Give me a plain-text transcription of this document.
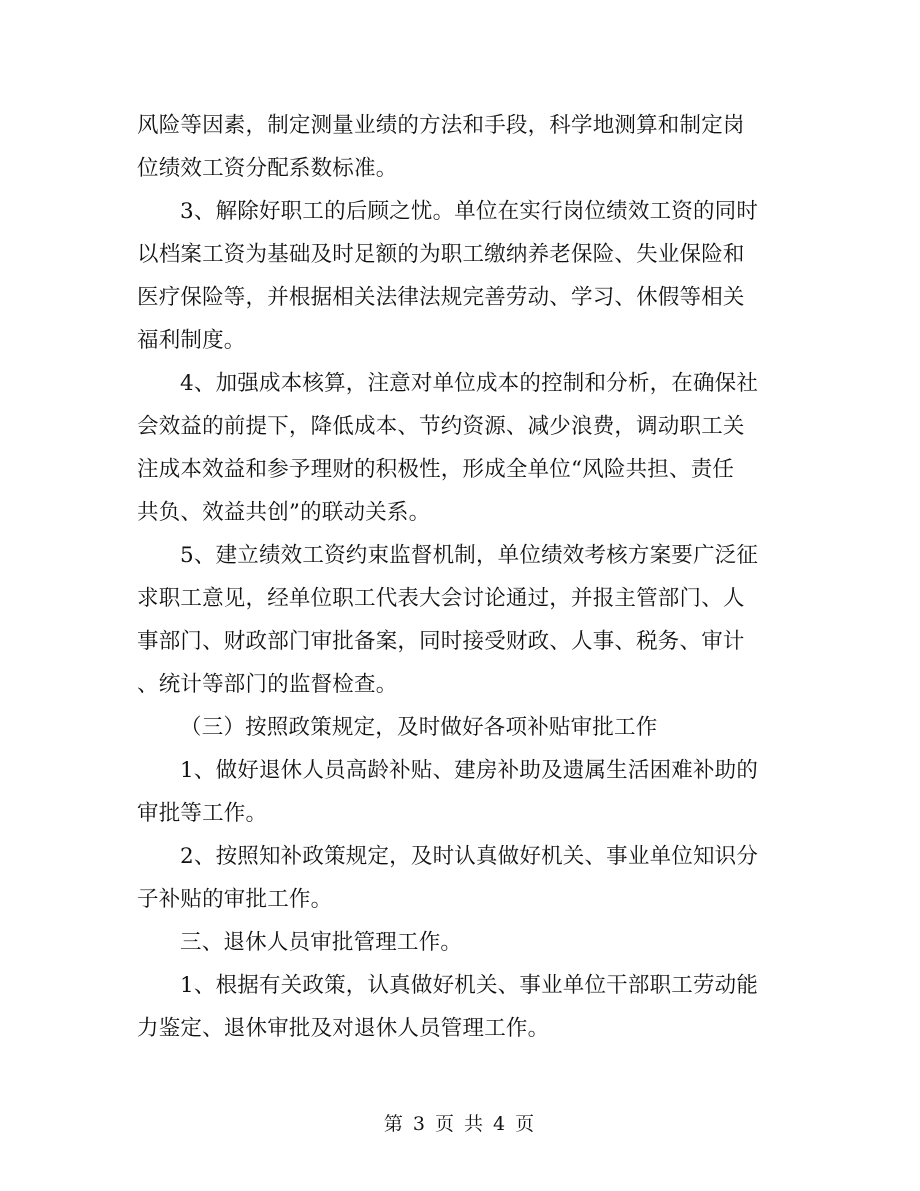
风险等因素，制定测量业绩的方法和手段，科学地测算和制定岗
位绩效工资分配系数标准。
3、解除好职工的后顾之忧。单位在实行岗位绩效工资的同时
以档案工资为基础及时足额的为职工缴纳养老保险、失业保险和
医疗保险等，并根据相关法律法规完善劳动、学习、休假等相关
福利制度。
4、加强成本核算，注意对单位成本的控制和分析，在确保社
会效益的前提下，降低成本、节约资源、减少浪费，调动职工关
注成本效益和参予理财的积极性，形成全单位“风险共担、责任
共负、效益共创”的联动关系。
5、建立绩效工资约束监督机制，单位绩效考核方案要广泛征
求职工意见，经单位职工代表大会讨论通过，并报主管部门、人
事部门、财政部门审批备案，同时接受财政、人事、税务、审计
、统计等部门的监督检查。
（三）按照政策规定，及时做好各项补贴审批工作
1、做好退休人员高龄补贴、建房补助及遗属生活困难补助的
审批等工作。
2、按照知补政策规定，及时认真做好机关、事业单位知识分
子补贴的审批工作。
三、退休人员审批管理工作。
1、根据有关政策，认真做好机关、事业单位干部职工劳动能
力鉴定、退休审批及对退休人员管理工作。
第 3 页 共 4 页
